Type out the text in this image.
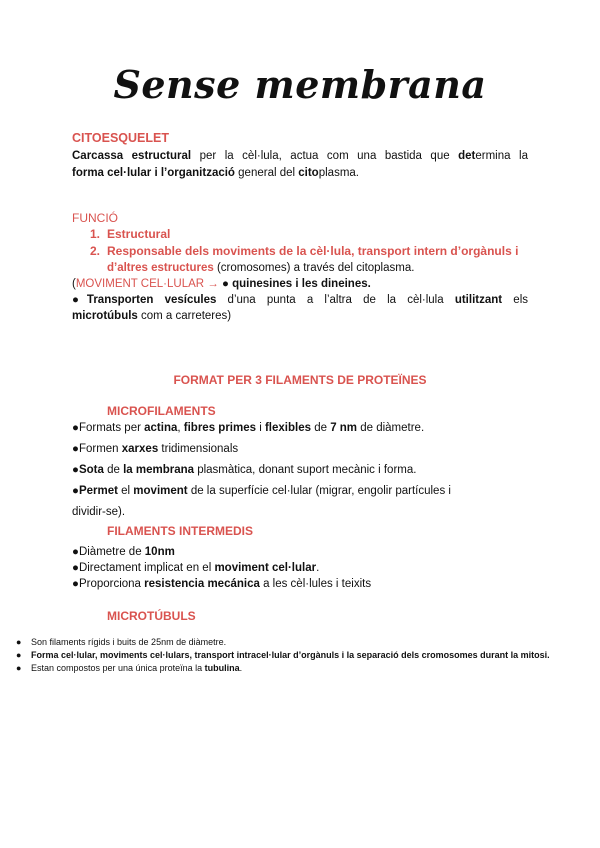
Sense membrana
CITOESQUELET
Carcassa estructural per la cèl·lula, actua com una bastida que determina la
forma cel·lular i l’organització general del citoplasma.
FUNCIÓ
1. Estructural
2. Responsable dels moviments de la cèl·lula, transport intern d’orgànuls i
d’altres estructures (cromosomes) a través del citoplasma.
(MOVIMENT CEL·LULAR → ● quinesines i les dineines.
●Transporten vesícules d’una punta a l’altra de la cèl·lula utilitzant els
microtúbuls com a carreteres)
FORMAT PER 3 FILAMENTS DE PROTEÏNES
MICROFILAMENTS
●Formats per actina, fibres primes i flexibles de 7 nm de diàmetre.
●Formen xarxes tridimensionals
●Sota de la membrana plasmàtica, donant suport mecànic i forma.
●Permet el moviment de la superfície cel·lular (migrar, engolir partícules i
dividir-se).
FILAMENTS INTERMEDIS
●Diàmetre de 10nm
●Directament implicat en el moviment cel·lular.
●Proporciona resistencia mecánica a les cèl·lules i teixits
MICROTÚBULS
● Son filaments rígids i buits de 25nm de diàmetre.
● Forma cel·lular, moviments cel·lulars, transport intracel·lular d’orgànuls i la separació dels cromosomes durant la mitosi.
● Estan compostos per una única proteïna la tubulina.
